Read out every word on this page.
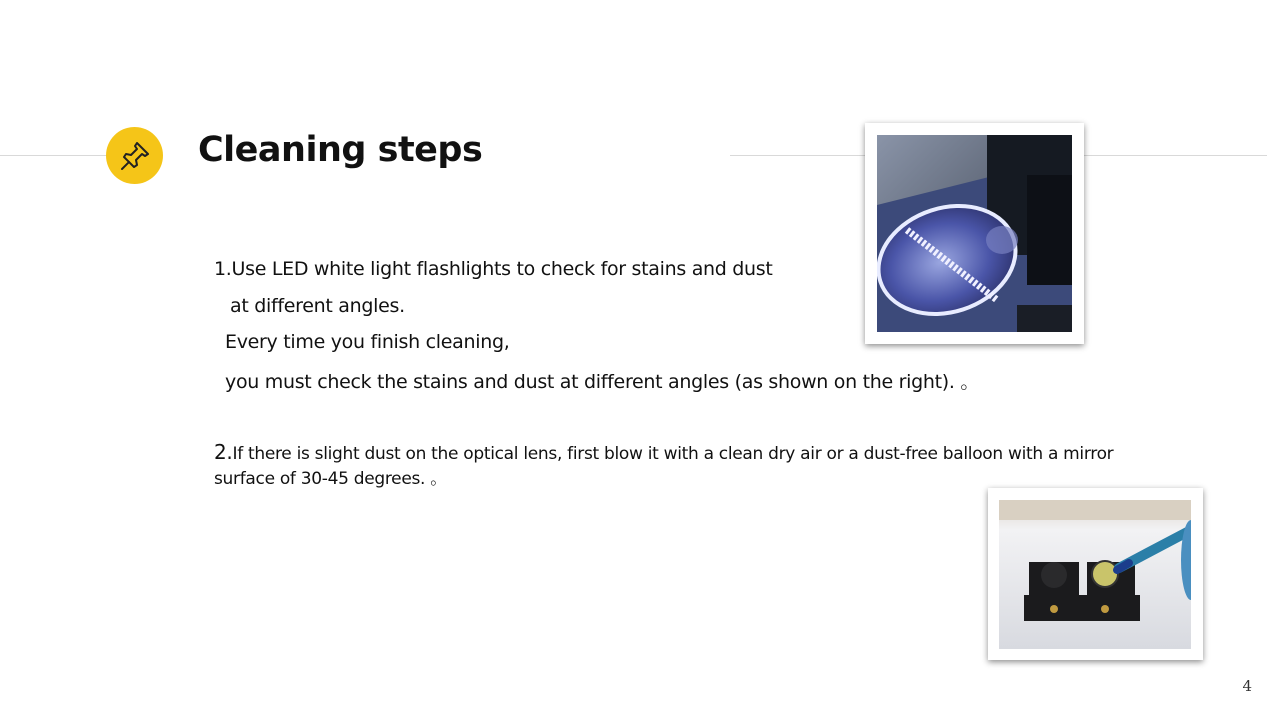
Cleaning steps
1.Use LED white light flashlights to check for stains and dust
at different angles.
Every time you finish cleaning,
you must check the stains and dust at different angles (as shown on the right). 。
2.If there is slight dust on the optical lens, first blow it with a clean dry air or a dust-free balloon with a mirror surface of 30-45 degrees. 。
4
